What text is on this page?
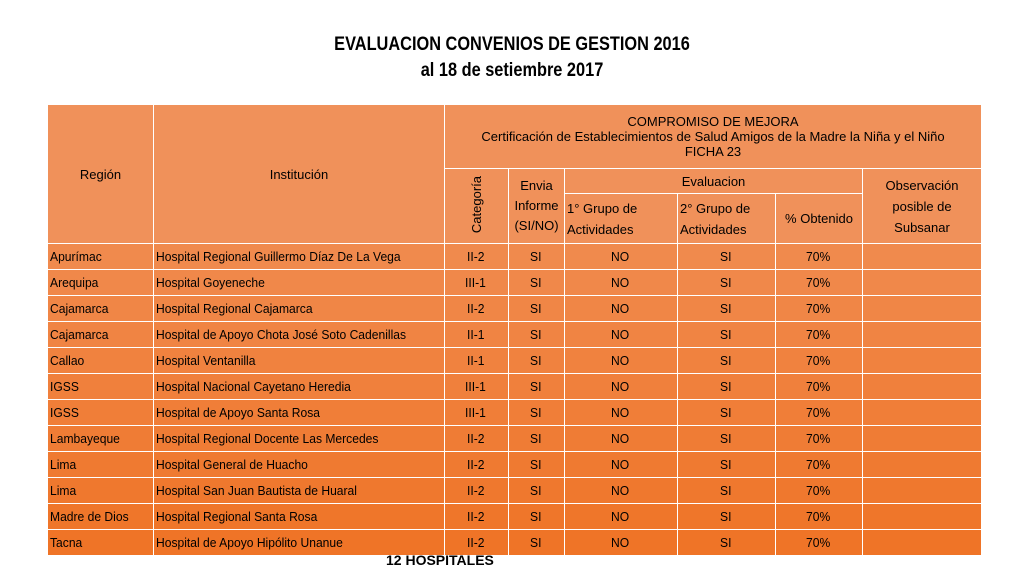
EVALUACION CONVENIOS DE GESTION 2016
al 18 de setiembre 2017
Región	Institución	COMPROMISO DE MEJORA
Certificación de Establecimientos de Salud Amigos de la Madre la Niña y el Niño
FICHA 23					

		Categoría	Envia Informe (SI/NO)	Evaluacion			Observación posible de Subsanar
				1° Grupo de Actividades	2° Grupo de Actividades	% Obtenido	
Apurímac	Hospital Regional Guillermo Díaz De La Vega	II-2	SI	NO	SI	70%	
Arequipa	Hospital Goyeneche	III-1	SI	NO	SI	70%	
Cajamarca	Hospital Regional Cajamarca	II-2	SI	NO	SI	70%	
Cajamarca	Hospital de Apoyo Chota José Soto Cadenillas	II-1	SI	NO	SI	70%	
Callao	Hospital Ventanilla	II-1	SI	NO	SI	70%	
IGSS	Hospital Nacional Cayetano Heredia	III-1	SI	NO	SI	70%	
IGSS	Hospital de Apoyo Santa Rosa	III-1	SI	NO	SI	70%	
Lambayeque	Hospital Regional Docente Las Mercedes	II-2	SI	NO	SI	70%	
Lima	Hospital General de Huacho	II-2	SI	NO	SI	70%	
Lima	Hospital San Juan Bautista de Huaral	II-2	SI	NO	SI	70%	
Madre de Dios	Hospital Regional Santa Rosa	II-2	SI	NO	SI	70%	
Tacna	Hospital de Apoyo Hipólito Unanue	II-2	SI	NO	SI	70%	
12 HOSPITALES
